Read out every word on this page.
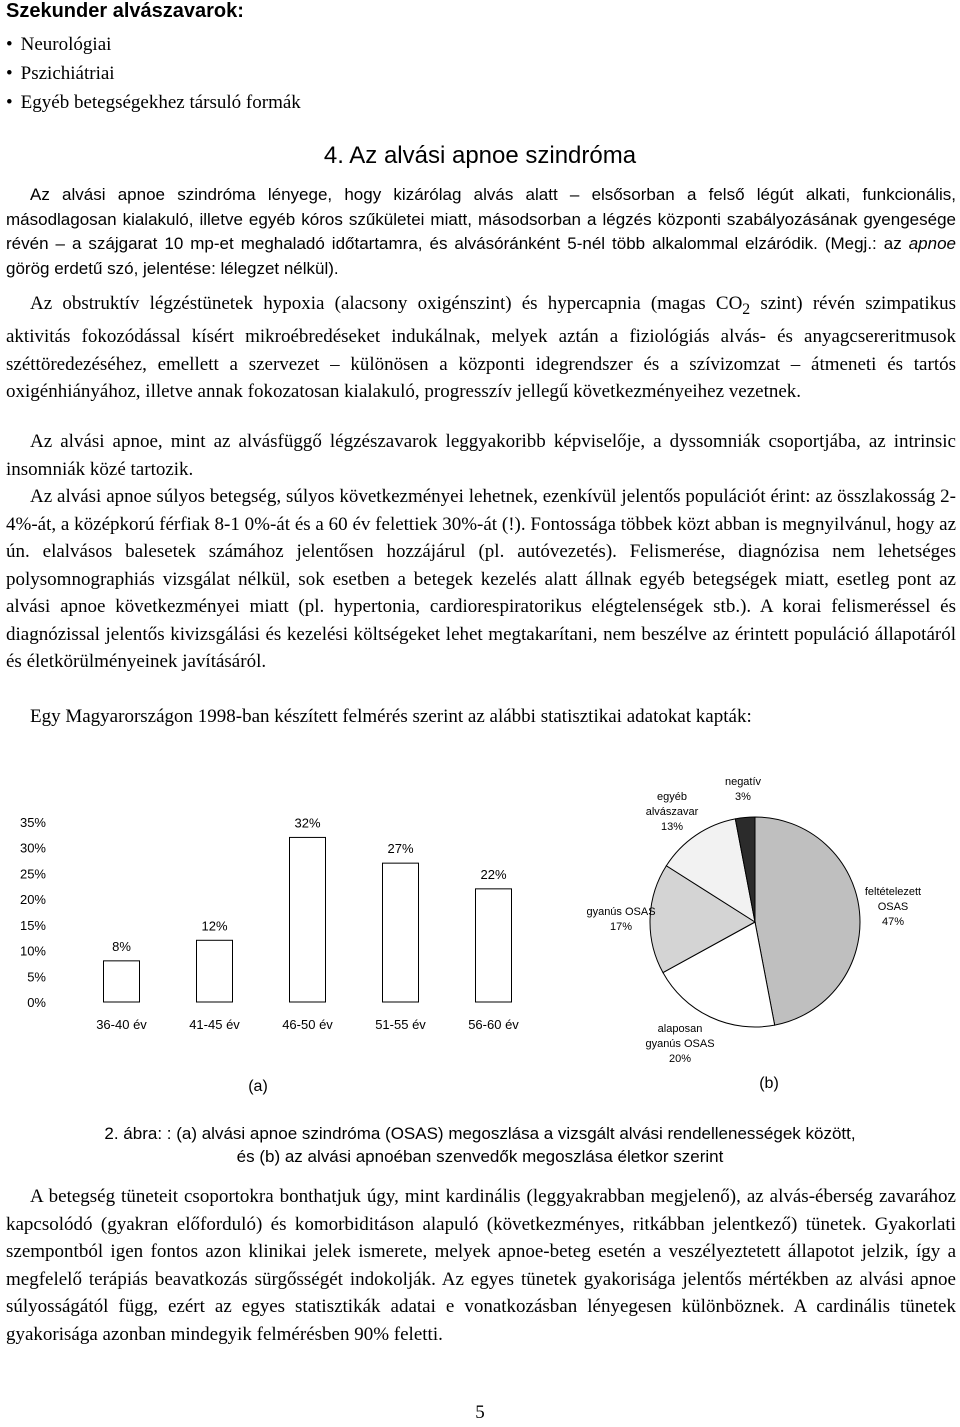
Szekunder alvászavarok:
• Neurológiai
• Pszichiátriai
• Egyéb betegségekhez társuló formák
4. Az alvási apnoe szindróma

Az alvási apnoe szindróma lényege, hogy kizárólag alvás alatt – elsősorban a felső légút alkati, funkcionális, másodlagosan kialakuló, illetve egyéb kóros szűkületei miatt, másodsorban a légzés központi szabályozásának gyengesége révén – a szájgarat 10 mp-et meghaladó időtartamra, és alvásóránként 5-nél több alkalommal elzáródik. (Megj.: az apnoe görög erdetű szó, jelentése: lélegzet nélkül).

Az obstruktív légzéstünetek hypoxia (alacsony oxigénszint) és hypercapnia (magas $CO_2$ szint) révén szimpatikus aktivitás fokozódással kísért mikroébredéseket indukálnak, melyek aztán a fiziológiás alvás- és anyagcsereritmusok széttöredezéséhez, emellett a szervezet – különösen a központi idegrendszer és a szívizomzat – átmeneti és tartós oxigénhiányához, illetve annak fokozatosan kialakuló, progresszív jellegű következményeihez vezetnek.

Az alvási apnoe, mint az alvásfüggő légzészavarok leggyakoribb képviselője, a dyssomniák csoportjába, az intrinsic insomniák közé tartozik.

Az alvási apnoe súlyos betegség, súlyos következményei lehetnek, ezenkívül jelentős populációt érint: az összlakosság 2-4%-át, a középkorú férfiak 8-1 0%-át és a 60 év felettiek 30%-át (!). Fontossága többek közt abban is megnyilvánul, hogy az ún. elalvásos balesetek számához jelentősen hozzájárul (pl. autóvezetés). Felismerése, diagnózisa nem lehetséges polysomnographiás vizsgálat nélkül, sok esetben a betegek kezelés alatt állnak egyéb betegségek miatt, esetleg pont az alvási apnoe következményei miatt (pl. hypertonia, cardiorespiratorikus elégtelenségek stb.). A korai felismeréssel és diagnózissal jelentős kivizsgálási és kezelési költségeket lehet megtakarítani, nem beszélve az érintett populáció állapotáról és életkörülményeinek javításáról.

Egy Magyarországon 1998-ban készített felmérés szerint az alábbi statisztikai adatokat kapták:

0%
5%
10%
15%
20%
25%
30%
35%
8%
36-40 év
12%
41-45 év
32%
46-50 év
27%
51-55 év
22%
56-60 év
(a)
feltételezett OSAS 47%
alaposan gyanús OSAS 20%
gyanús OSAS 17%
egyéb alvászavar 13%
negatív 3%
(b)
2. ábra: : (a) alvási apnoe szindróma (OSAS) megoszlása a vizsgált alvási rendellenességek között,
és (b) az alvási apnoéban szenvedők megoszlása életkor szerint

A betegség tüneteit csoportokra bonthatjuk úgy, mint kardinális (leggyakrabban megjelenő), az alvás-éberség zavarához kapcsolódó (gyakran előforduló) és komorbiditáson alapuló (következményes, ritkábban jelentkező) tünetek. Gyakorlati szempontból igen fontos azon klinikai jelek ismerete, melyek apnoe-beteg esetén a veszélyeztetett állapotot jelzik, így a megfelelő terápiás beavatkozás sürgősségét indokolják. Az egyes tünetek gyakorisága jelentős mértékben az alvási apnoe súlyosságától függ, ezért az egyes statisztikák adatai e vonatkozásban lényegesen különböznek. A cardinális tünetek gyakorisága azonban mindegyik felmérésben 90% feletti.

5
